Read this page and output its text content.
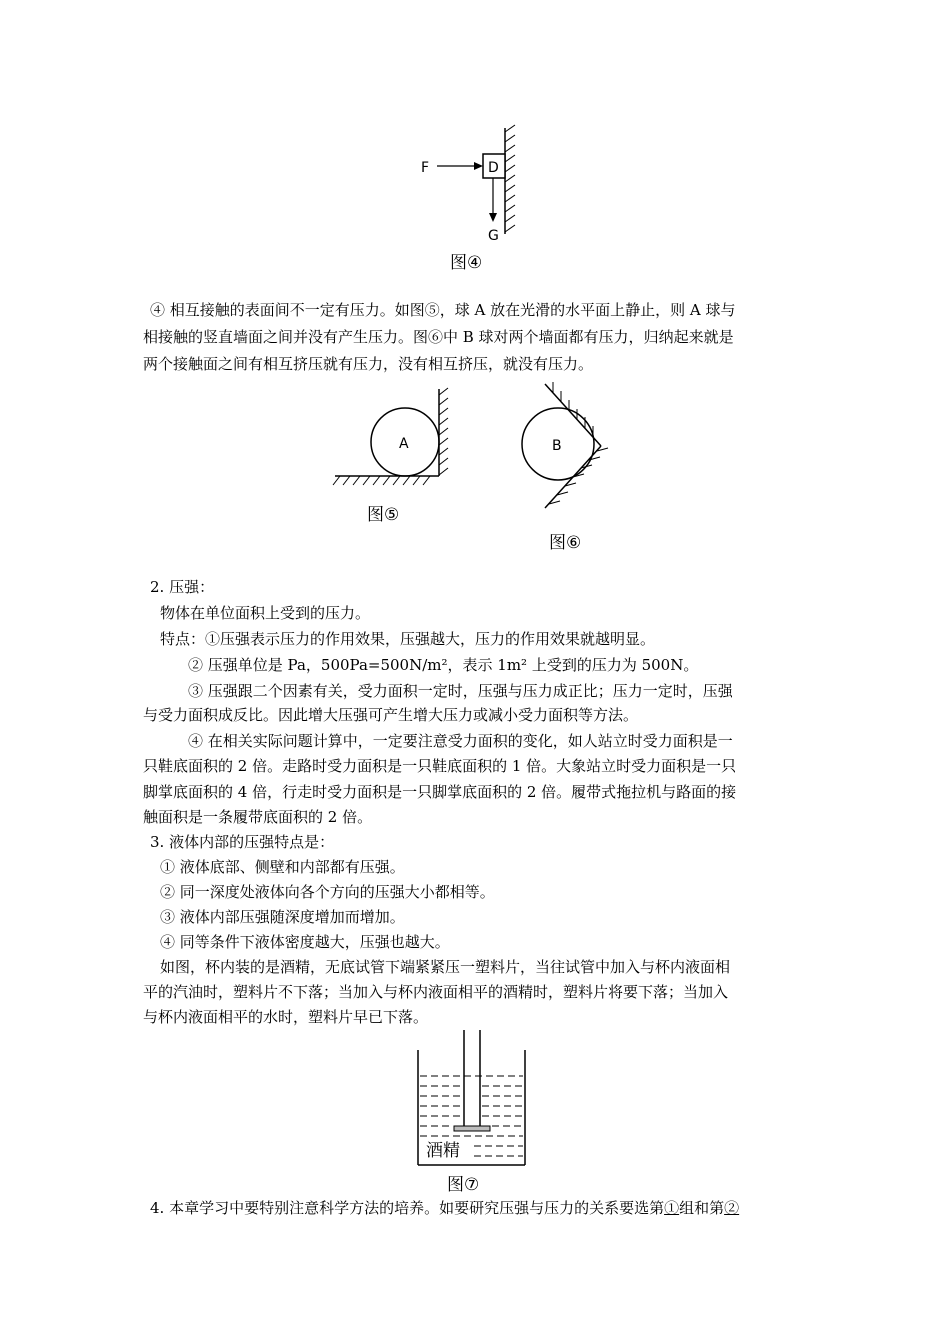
F	D
G
图④
④ 相互接触的表面间不一定有压力。如图⑤，球 A 放在光滑的水平面上静止，则 A 球与
相接触的竖直墙面之间并没有产生压力。图⑥中 B 球对两个墙面都有压力，归纳起来就是
两个接触面之间有相互挤压就有压力，没有相互挤压，就没有压力。
A
图⑤
B
图⑥
2. 压强：
物体在单位面积上受到的压力。
特点：①压强表示压力的作用效果，压强越大，压力的作用效果就越明显。
② 压强单位是 Pa，500Pa=500N/m²，表示 1m² 上受到的压力为 500N。
③ 压强跟二个因素有关，受力面积一定时，压强与压力成正比；压力一定时，压强
与受力面积成反比。因此增大压强可产生增大压力或减小受力面积等方法。
④ 在相关实际问题计算中，一定要注意受力面积的变化，如人站立时受力面积是一
只鞋底面积的 2 倍。走路时受力面积是一只鞋底面积的 1 倍。大象站立时受力面积是一只
脚掌底面积的 4 倍，行走时受力面积是一只脚掌底面积的 2 倍。履带式拖拉机与路面的接
触面积是一条履带底面积的 2 倍。
3. 液体内部的压强特点是：
① 液体底部、侧壁和内部都有压强。
② 同一深度处液体向各个方向的压强大小都相等。
③ 液体内部压强随深度增加而增加。
④ 同等条件下液体密度越大，压强也越大。
如图，杯内装的是酒精，无底试管下端紧紧压一塑料片，当往试管中加入与杯内液面相
平的汽油时，塑料片不下落；当加入与杯内液面相平的酒精时，塑料片将要下落；当加入
与杯内液面相平的水时，塑料片早已下落。
酒精
图⑦
4. 本章学习中要特别注意科学方法的培养。如要研究压强与压力的关系要选第①组和第②
